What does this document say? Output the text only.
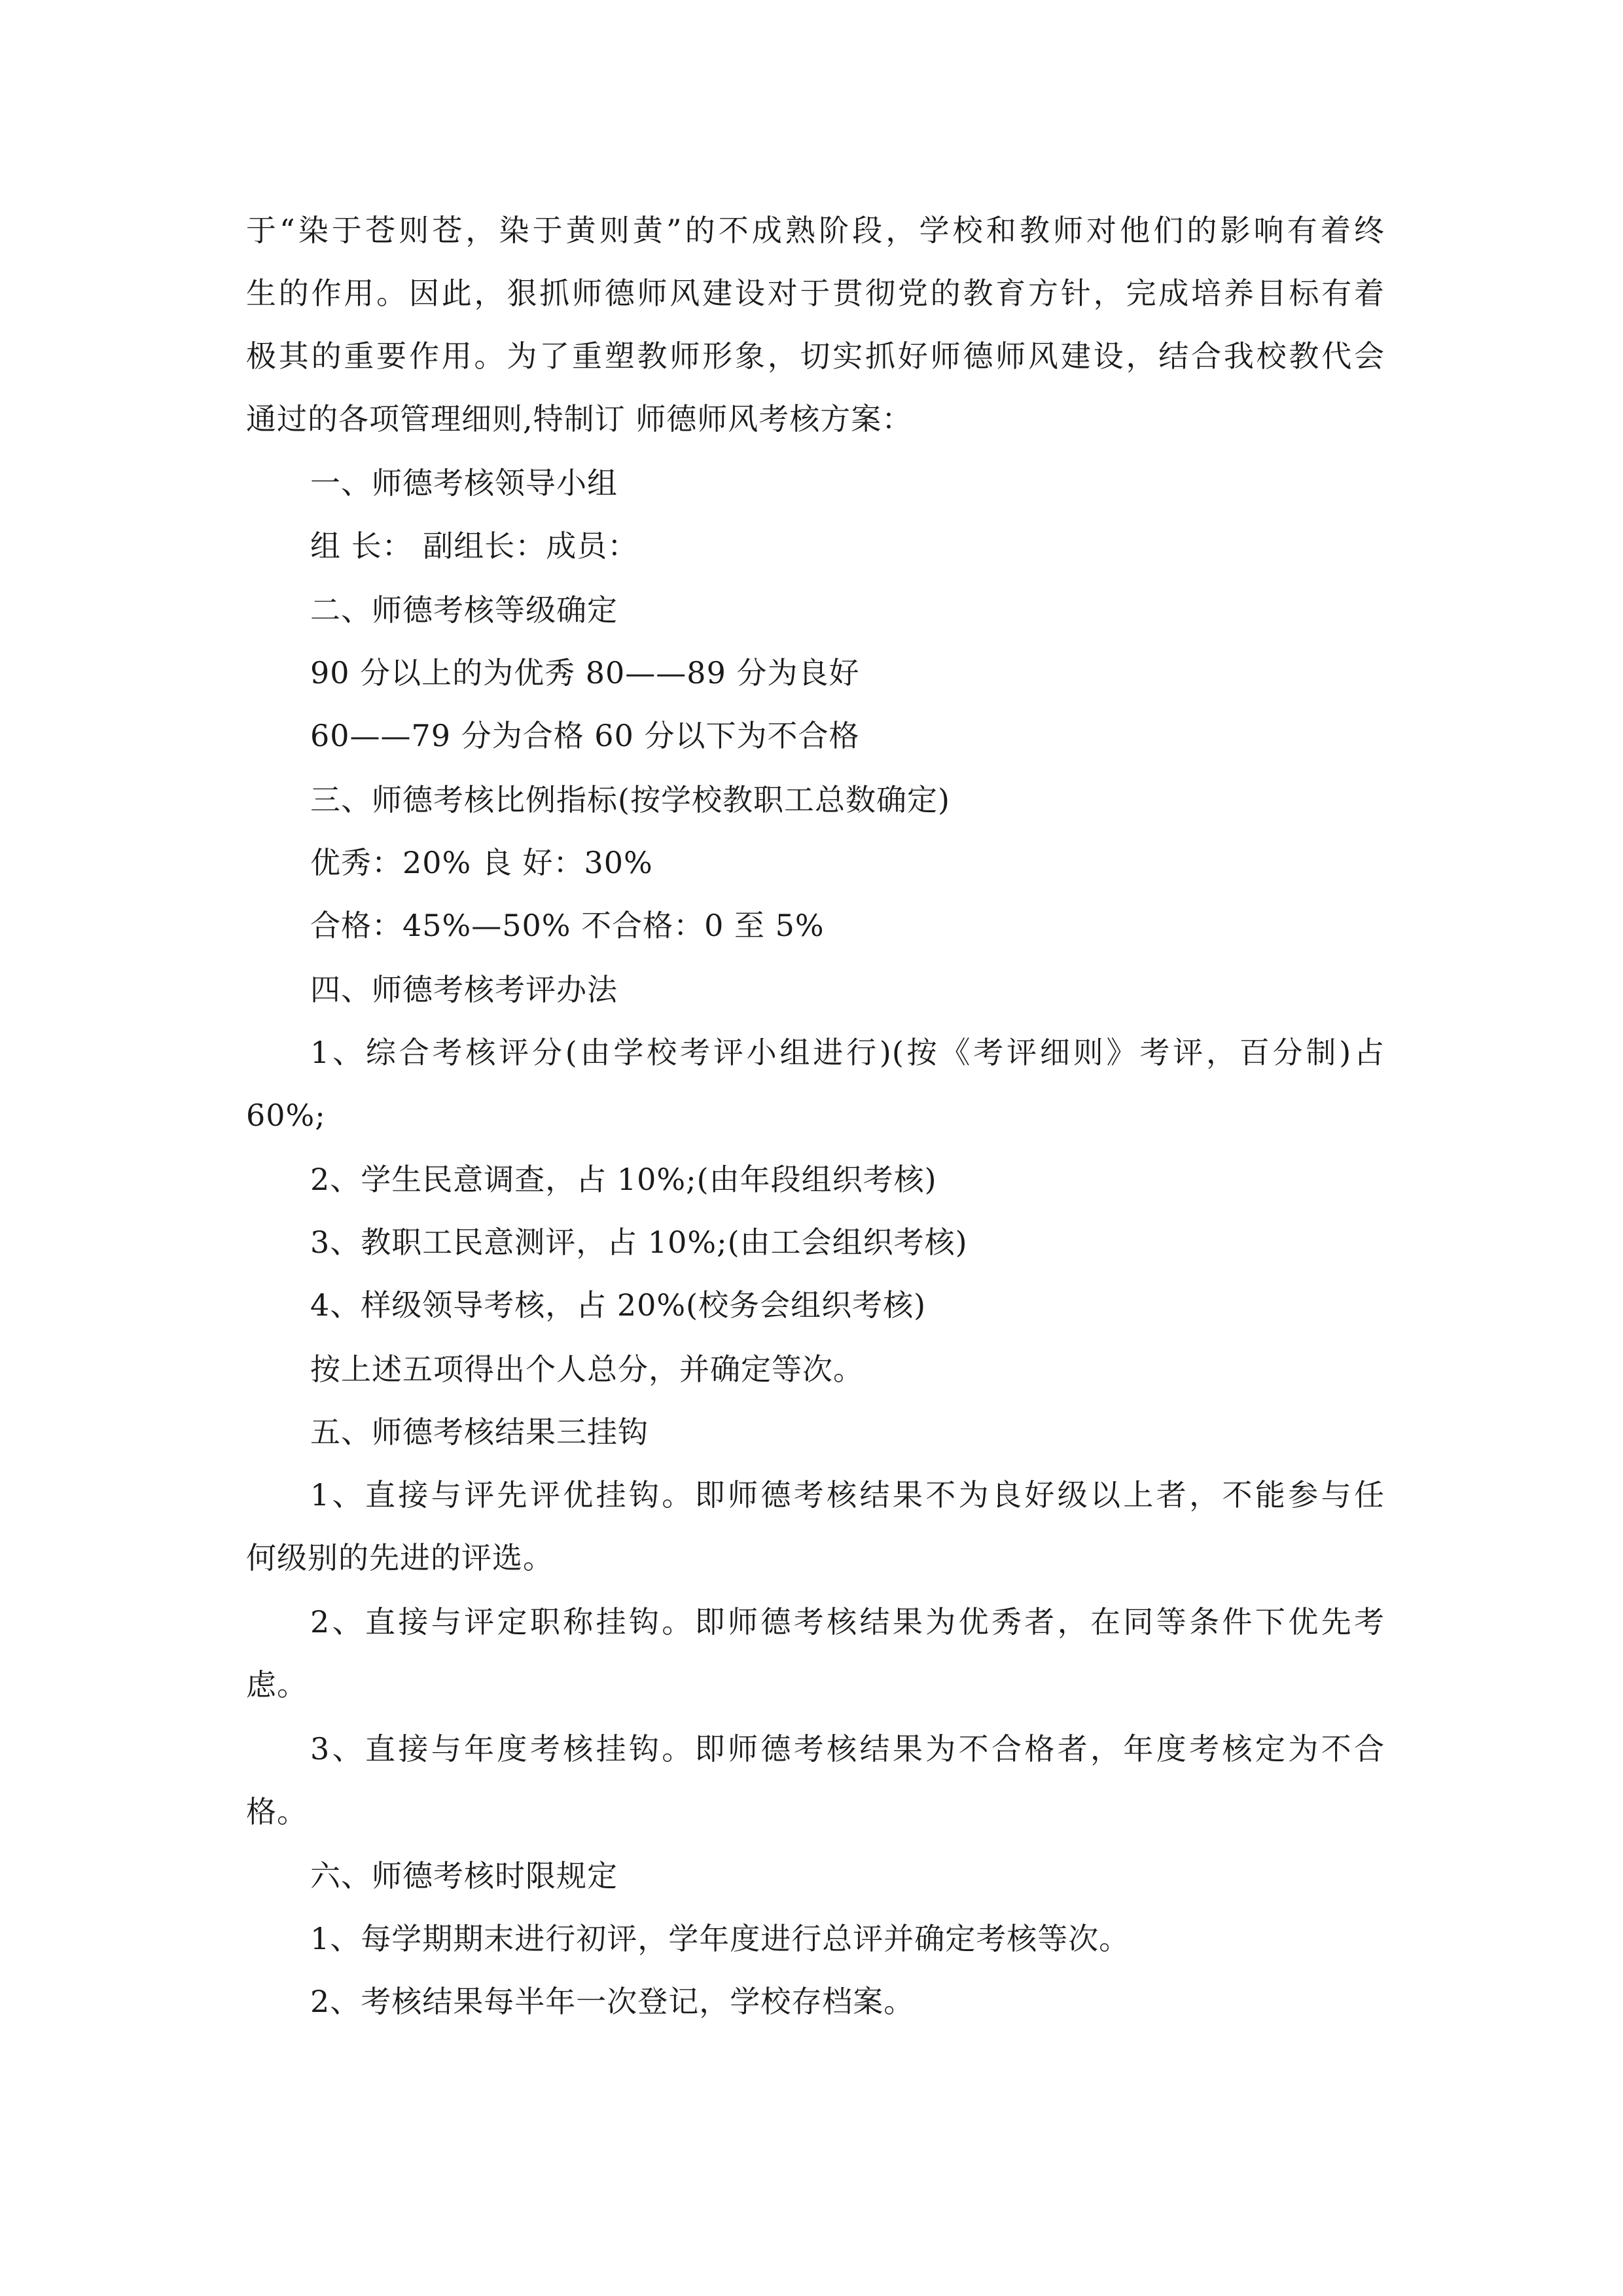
于“染于苍则苍，染于黄则黄”的不成熟阶段，学校和教师对他们的影响有着终
生的作用。因此，狠抓师德师风建设对于贯彻党的教育方针，完成培养目标有着
极其的重要作用。为了重塑教师形象，切实抓好师德师风建设，结合我校教代会
通过的各项管理细则,特制订 师德师风考核方案：
一、师德考核领导小组
组 长： 副组长：成员：
二、师德考核等级确定
90 分以上的为优秀 80——89 分为良好
60——79 分为合格 60 分以下为不合格
三、师德考核比例指标(按学校教职工总数确定)
优秀：20% 良 好：30%
合格：45%—50% 不合格：0 至 5%
四、师德考核考评办法
1、综合考核评分(由学校考评小组进行)(按《考评细则》考评，百分制)占
60%;
2、学生民意调查，占 10%;(由年段组织考核)
3、教职工民意测评，占 10%;(由工会组织考核)
4、样级领导考核，占 20%(校务会组织考核)
按上述五项得出个人总分，并确定等次。
五、师德考核结果三挂钩
1、直接与评先评优挂钩。即师德考核结果不为良好级以上者，不能参与任
何级别的先进的评选。
2、直接与评定职称挂钩。即师德考核结果为优秀者，在同等条件下优先考
虑。
3、直接与年度考核挂钩。即师德考核结果为不合格者，年度考核定为不合
格。
六、师德考核时限规定
1、每学期期末进行初评，学年度进行总评并确定考核等次。
2、考核结果每半年一次登记，学校存档案。
